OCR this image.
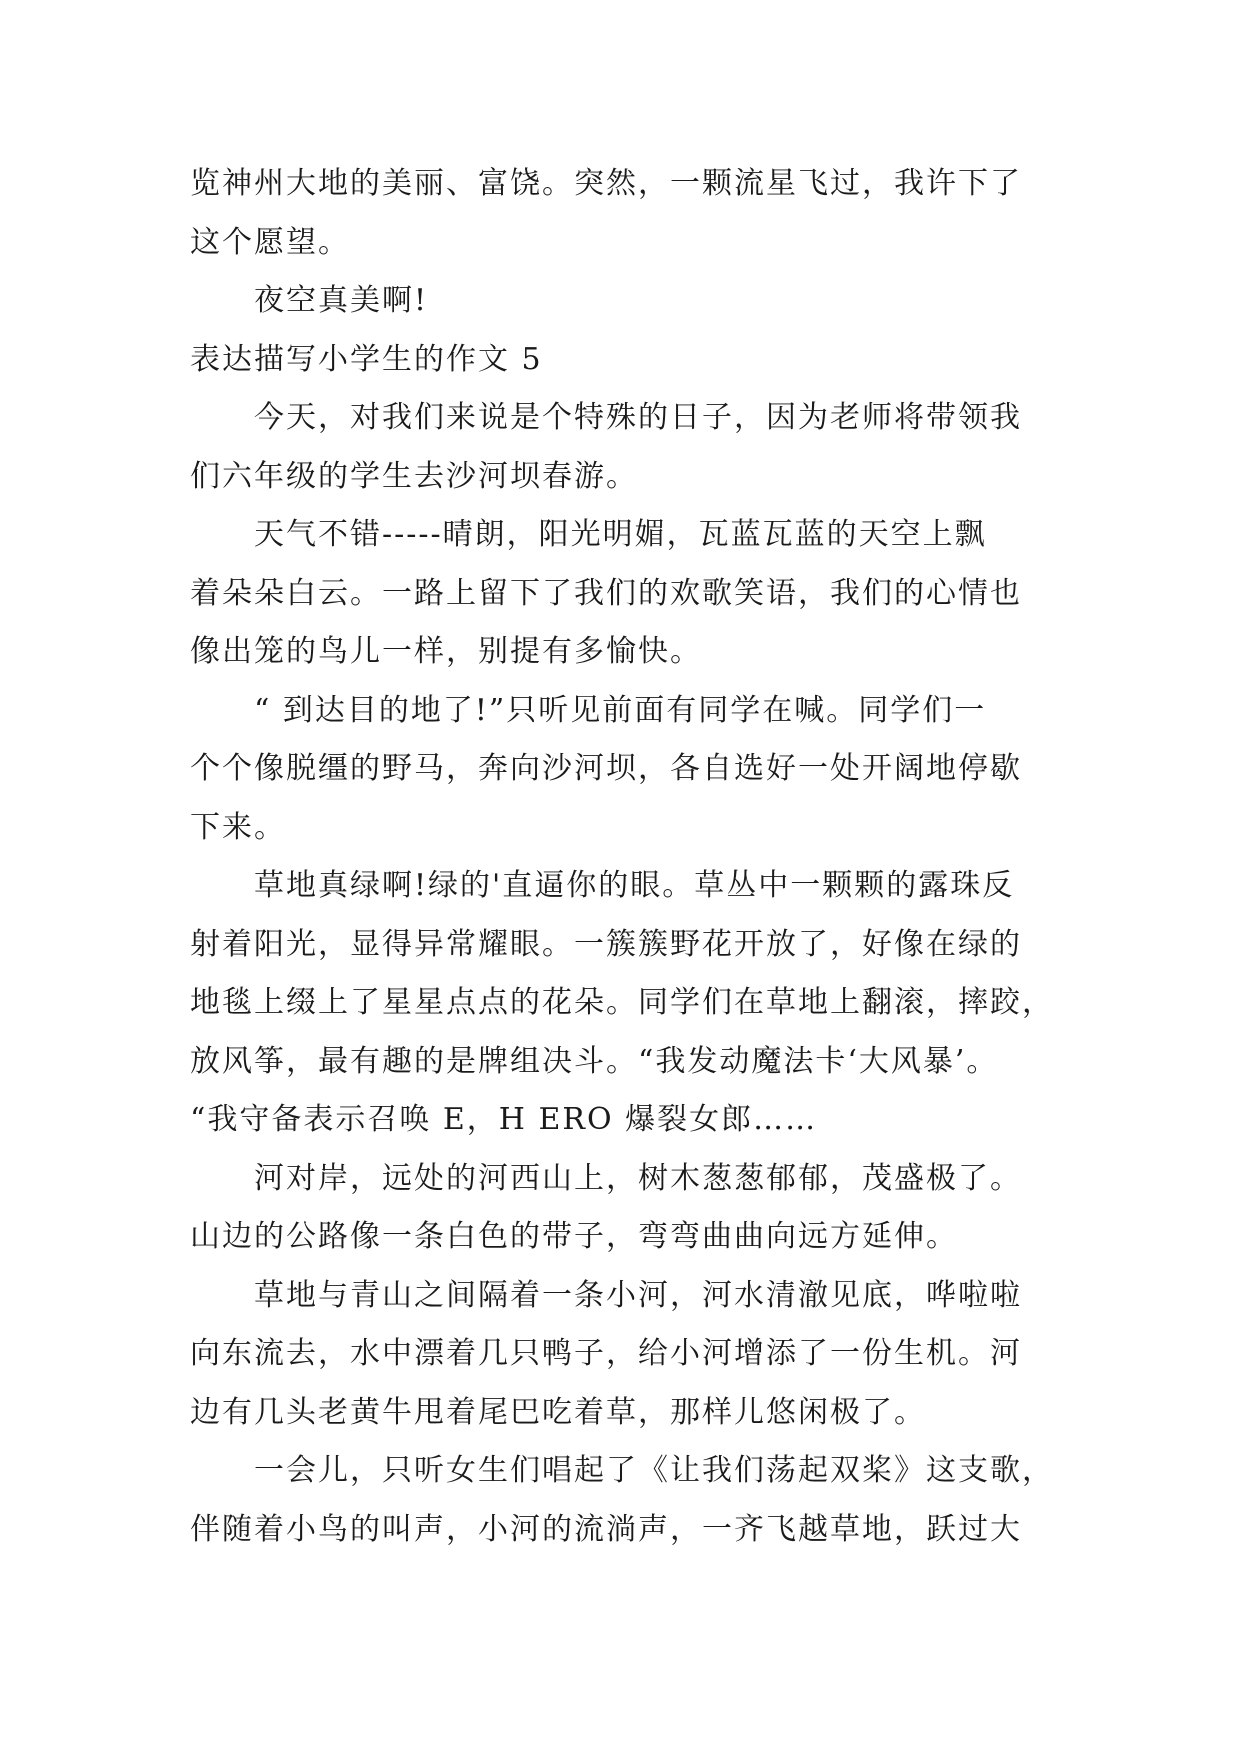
览神州大地的美丽、富饶。突然，一颗流星飞过，我许下了
这个愿望。
夜空真美啊!
表达描写小学生的作文 5
今天，对我们来说是个特殊的日子，因为老师将带领我
们六年级的学生去沙河坝春游。
天气不错-----晴朗，阳光明媚，瓦蓝瓦蓝的天空上飘
着朵朵白云。一路上留下了我们的欢歌笑语，我们的心情也
像出笼的鸟儿一样，别提有多愉快。
“ 到达目的地了!”只听见前面有同学在喊。同学们一
个个像脱缰的野马，奔向沙河坝，各自选好一处开阔地停歇
下来。
草地真绿啊!绿的'直逼你的眼。草丛中一颗颗的露珠反
射着阳光，显得异常耀眼。一簇簇野花开放了，好像在绿的
地毯上缀上了星星点点的花朵。同学们在草地上翻滚，摔跤，
放风筝，最有趣的是牌组决斗。“我发动魔法卡‘大风暴’。
“我守备表示召唤 E，H ERO 爆裂女郎……
河对岸，远处的河西山上，树木葱葱郁郁，茂盛极了。
山边的公路像一条白色的带子，弯弯曲曲向远方延伸。
草地与青山之间隔着一条小河，河水清澈见底，哗啦啦
向东流去，水中漂着几只鸭子，给小河增添了一份生机。河
边有几头老黄牛甩着尾巴吃着草，那样儿悠闲极了。
一会儿，只听女生们唱起了《让我们荡起双桨》这支歌，
伴随着小鸟的叫声，小河的流淌声，一齐飞越草地，跃过大
